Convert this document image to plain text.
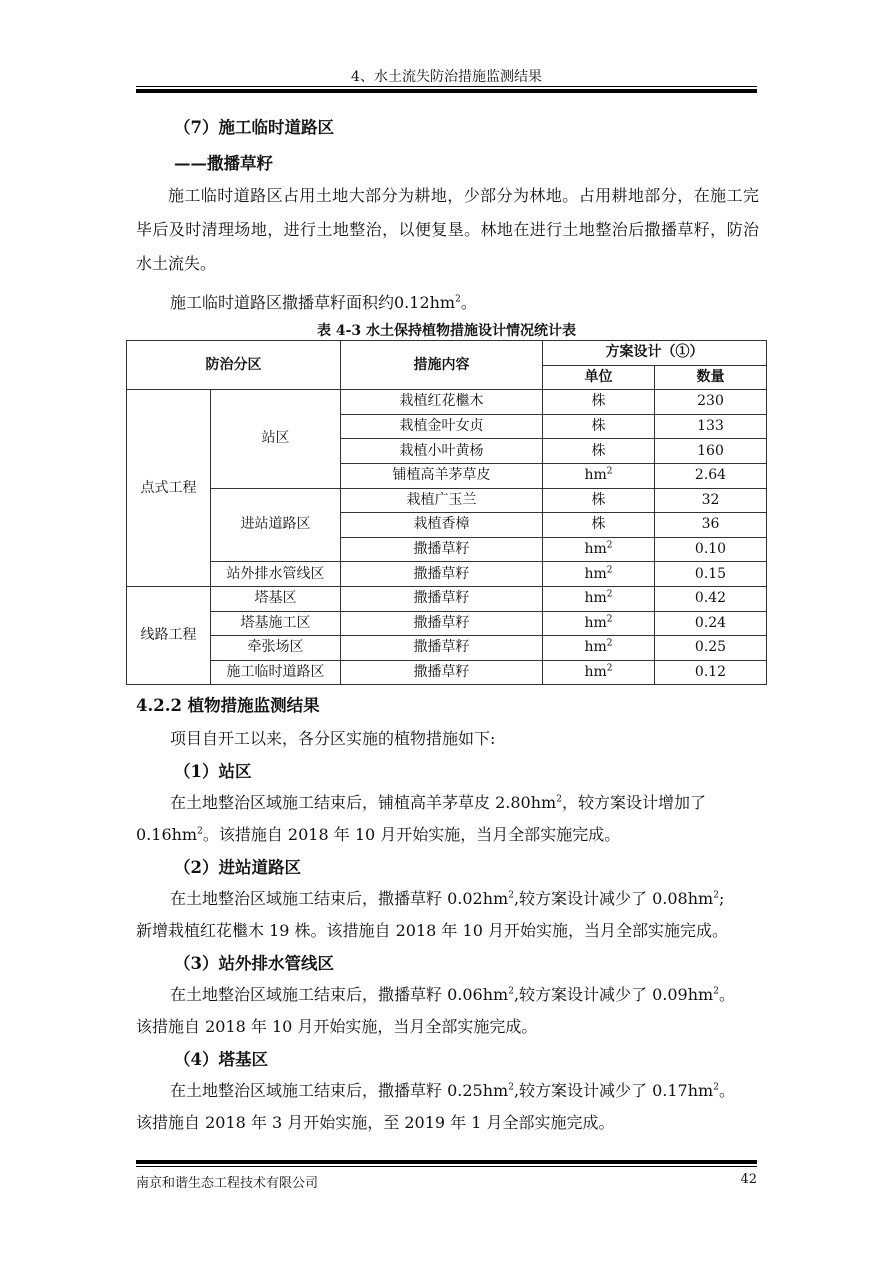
4、水土流失防治措施监测结果
（7）施工临时道路区
——撒播草籽
施工临时道路区占用土地大部分为耕地，少部分为林地。占用耕地部分，在施工完毕后及时清理场地，进行土地整治，以便复垦。林地在进行土地整治后撒播草籽，防治水土流失。
施工临时道路区撒播草籽面积约$0.12hm^2$。
表 4-3 水土保持植物措施设计情况统计表
防治分区		措施内容	方案设计（①）	
			单位	数量
点式工程	站区	栽植红花檵木	株	230
		栽植金叶女贞	株	133
		栽植小叶黄杨	株	160
		铺植高羊茅草皮	$hm^2$	2.64
	进站道路区	栽植广玉兰	株	32
		栽植香樟	株	36
		撒播草籽	$hm^2$	0.10
	站外排水管线区	撒播草籽	$hm^2$	0.15
线路工程	塔基区	撒播草籽	$hm^2$	0.42
	塔基施工区	撒播草籽	$hm^2$	0.24
	牵张场区	撒播草籽	$hm^2$	0.25
	施工临时道路区	撒播草籽	$hm^2$	0.12
4.2.2 植物措施监测结果
项目自开工以来，各分区实施的植物措施如下:
（1）站区
在土地整治区域施工结束后，铺植高羊茅草皮 $2.80hm^2$，较方案设计增加了
$0.16hm^2$。该措施自 2018 年 10 月开始实施，当月全部实施完成。
（2）进站道路区
在土地整治区域施工结束后，撒播草籽 $0.02hm^2$,较方案设计减少了 $0.08hm^2$;
新增栽植红花檵木 19 株。该措施自 2018 年 10 月开始实施，当月全部实施完成。
（3）站外排水管线区
在土地整治区域施工结束后，撒播草籽 $0.06hm^2$,较方案设计减少了 $0.09hm^2$。
该措施自 2018 年 10 月开始实施，当月全部实施完成。
（4）塔基区
在土地整治区域施工结束后，撒播草籽 $0.25hm^2$,较方案设计减少了 $0.17hm^2$。
该措施自 2018 年 3 月开始实施，至 2019 年 1 月全部实施完成。
南京和谐生态工程技术有限公司	42
